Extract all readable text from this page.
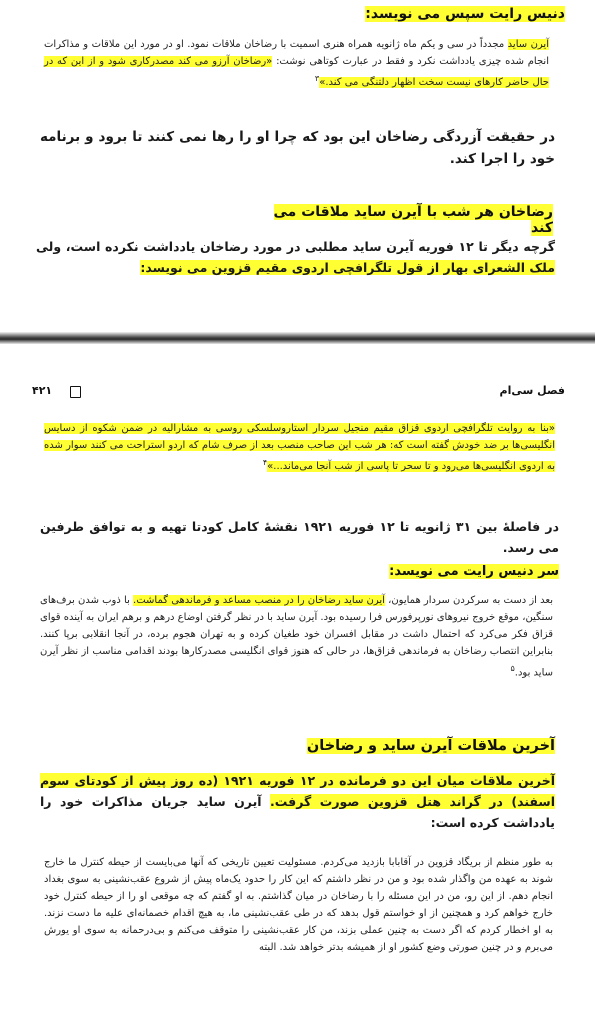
دنیس رایت سپس می نویسد:
آیرن ساید مجدداً در سی و یکم ماه ژانویه همراه هنری اسمیت با رضاخان ملاقات نمود. او در مورد این ملاقات و مذاکرات انجام شده چیزی یادداشت نکرد و فقط در عبارت کوتاهی نوشت: «رضاخان آرزو می کند مصدرکاری شود و از این که در حال حاضر کارهای نیست سخت اظهار دلتنگی می کند.»$^۳$
در حقیقت آزردگی رضاخان این بود که چرا او را رها نمی کنند تا برود و برنامه خود را اجرا کند.
رضاخان هر شب با آیرن ساید ملاقات می کند
گرچه دیگر تا ۱۲ فوریه آیرن ساید مطلبی در مورد رضاخان یادداشت نکرده است، ولی ملک الشعرای بهار از قول تلگرافچی اردوی مقیم قزوین می نویسد:
۴۲۱	فصل سی‌ام
«بنا به روایت تلگرافچی اردوی قزاق مقیم منجیل سردار استاروسلسکی روسی به مشارالیه در ضمن شکوه از دسایس انگلیسی‌ها بر ضد خودش گفته است که: هر شب این صاحب منصب بعد از صرف شام که اردو استراحت می کنند سوار شده به اردوی انگلیسی‌ها می‌رود و تا سحر تا پاسی از شب آنجا می‌ماند...»$^۴$
در فاصلهٔ بین ۳۱ ژانویه تا ۱۲ فوریه ۱۹۲۱ نقشهٔ کامل کودتا تهیه و به توافق طرفین می رسد.
سر دنیس رایت می نویسد:
بعد از دست به سرکردن سردار همایون، آیرن ساید رضاخان را در منصب مساعد و فرماندهی گماشت. با ذوب شدن برف‌های سنگین، موقع خروج نیروهای نورپرفورس فرا رسیده بود. آیرن ساید با در نظر گرفتن اوضاع درهم و برهم ایران به آینده قوای قزاق فکر می‌کرد که احتمال داشت در مقابل افسران خود طغیان کرده و به تهران هجوم برده، در آنجا انقلابی برپا کنند. بنابراین انتصاب رضاخان به فرماندهی قزاق‌ها، در حالی که هنوز قوای انگلیسی مصدرکارها بودند اقدامی مناسب از نظر آیرن ساید بود.$^۵$
آخرین ملاقات آیرن ساید و رضاخان
آخرین ملاقات میان این دو فرمانده در ۱۲ فوریه ۱۹۲۱ (ده روز پیش از کودتای سوم اسفند) در گراند هتل قزوین صورت گرفت. آیرن ساید جریان مذاکرات خود را یادداشت کرده است:
به طور منظم از بریگاد قزوین در آقابابا بازدید می‌کردم. مسئولیت تعیین تاریخی که آنها می‌بایست از حیطه کنترل ما خارج شوند به عهده من واگذار شده بود و من در نظر داشتم که این کار را حدود یک‌ماه پیش از شروع عقب‌نشینی به سوی بغداد انجام دهم. از این رو، من در این مسئله را با رضاخان در میان گذاشتم. به او گفتم که چه موقعی او را از حیطه کنترل خود خارج خواهم کرد و همچنین از او خواستم قول بدهد که در طی عقب‌نشینی ما، به هیچ اقدام خصمانه‌ای علیه ما دست نزند. به او اخطار کردم که اگر دست به چنین عملی بزند، من کار عقب‌نشینی را متوقف می‌کنم و بی‌درحمانه به سوی او یورش می‌برم و در چنین صورتی وضع کشور او از همیشه بدتر خواهد شد. البته
